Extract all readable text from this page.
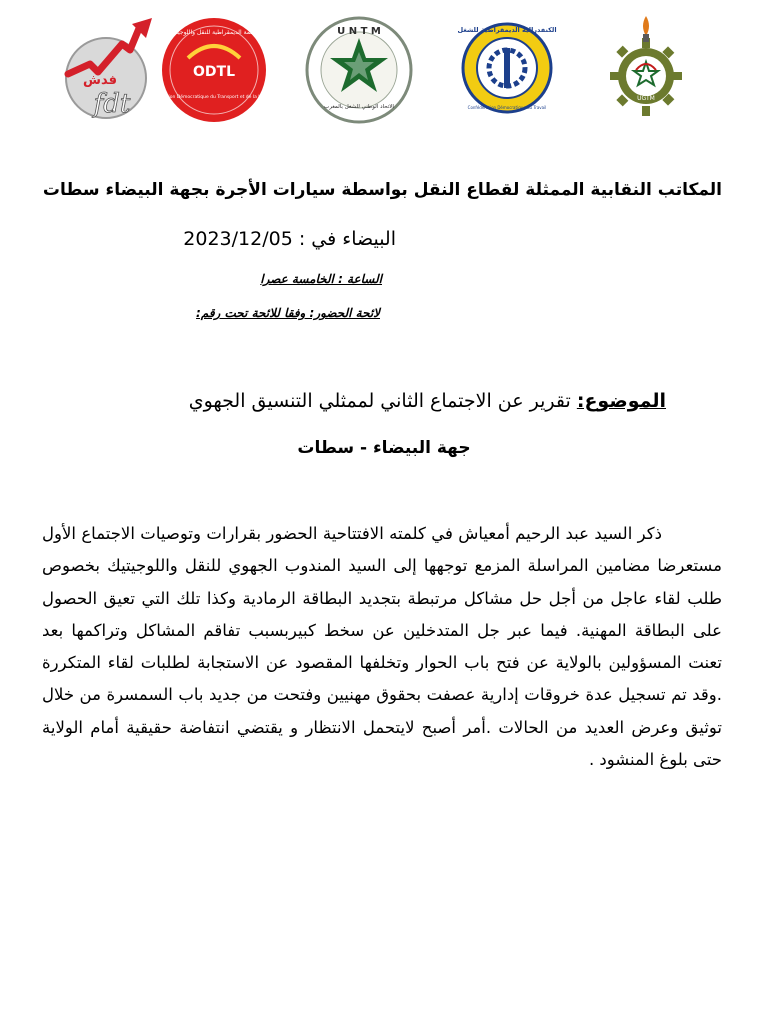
فدش
fdt
ODTL
المنظمة الديمقراطية للنقل واللوجيستيك
Organisation Démocratique du Transport et de la Logistique
U N T M
الاتحاد الوطني للشغل بالمغرب
الكنفدرالية الديمقراطية للشغل
Confédération Démocratique du Travail
UGTM
المكاتب النقابية الممثلة لقطاع النقل بواسطة سيارات الأجرة بجهة البيضاء سطات
البيضاء في : 2023/12/05
الساعة : الخامسة عصرا
لائحة الحضور: وفقا للائحة تحت رقم:
الموضوع: تقرير عن الاجتماع الثاني لممثلي التنسيق الجهوي
جهة البيضاء - سطات

ذكر السيد عبد الرحيم أمعياش في كلمته الافتتاحية الحضور بقرارات وتوصيات الاجتماع الأول مستعرضا مضامين المراسلة المزمع توجهها إلى السيد المندوب الجهوي للنقل واللوجيتيك بخصوص طلب لقاء عاجل من أجل حل مشاكل مرتبطة بتجديد البطاقة الرمادية وكذا تلك التي تعيق الحصول على البطاقة المهنية. فيما عبر جل المتدخلين عن سخط كبيربسبب تفاقم المشاكل وتراكمها بعد تعنت المسؤولين بالولاية عن فتح باب الحوار وتخلفها المقصود عن الاستجابة لطلبات لقاء المتكررة .وقد تم تسجيل عدة خروقات إدارية عصفت بحقوق مهنيين وفتحت من جديد باب السمسرة من خلال توثيق وعرض العديد من الحالات .أمر أصبح لايتحمل الانتظار و يقتضي انتفاضة حقيقية أمام الولاية حتى بلوغ المنشود .
